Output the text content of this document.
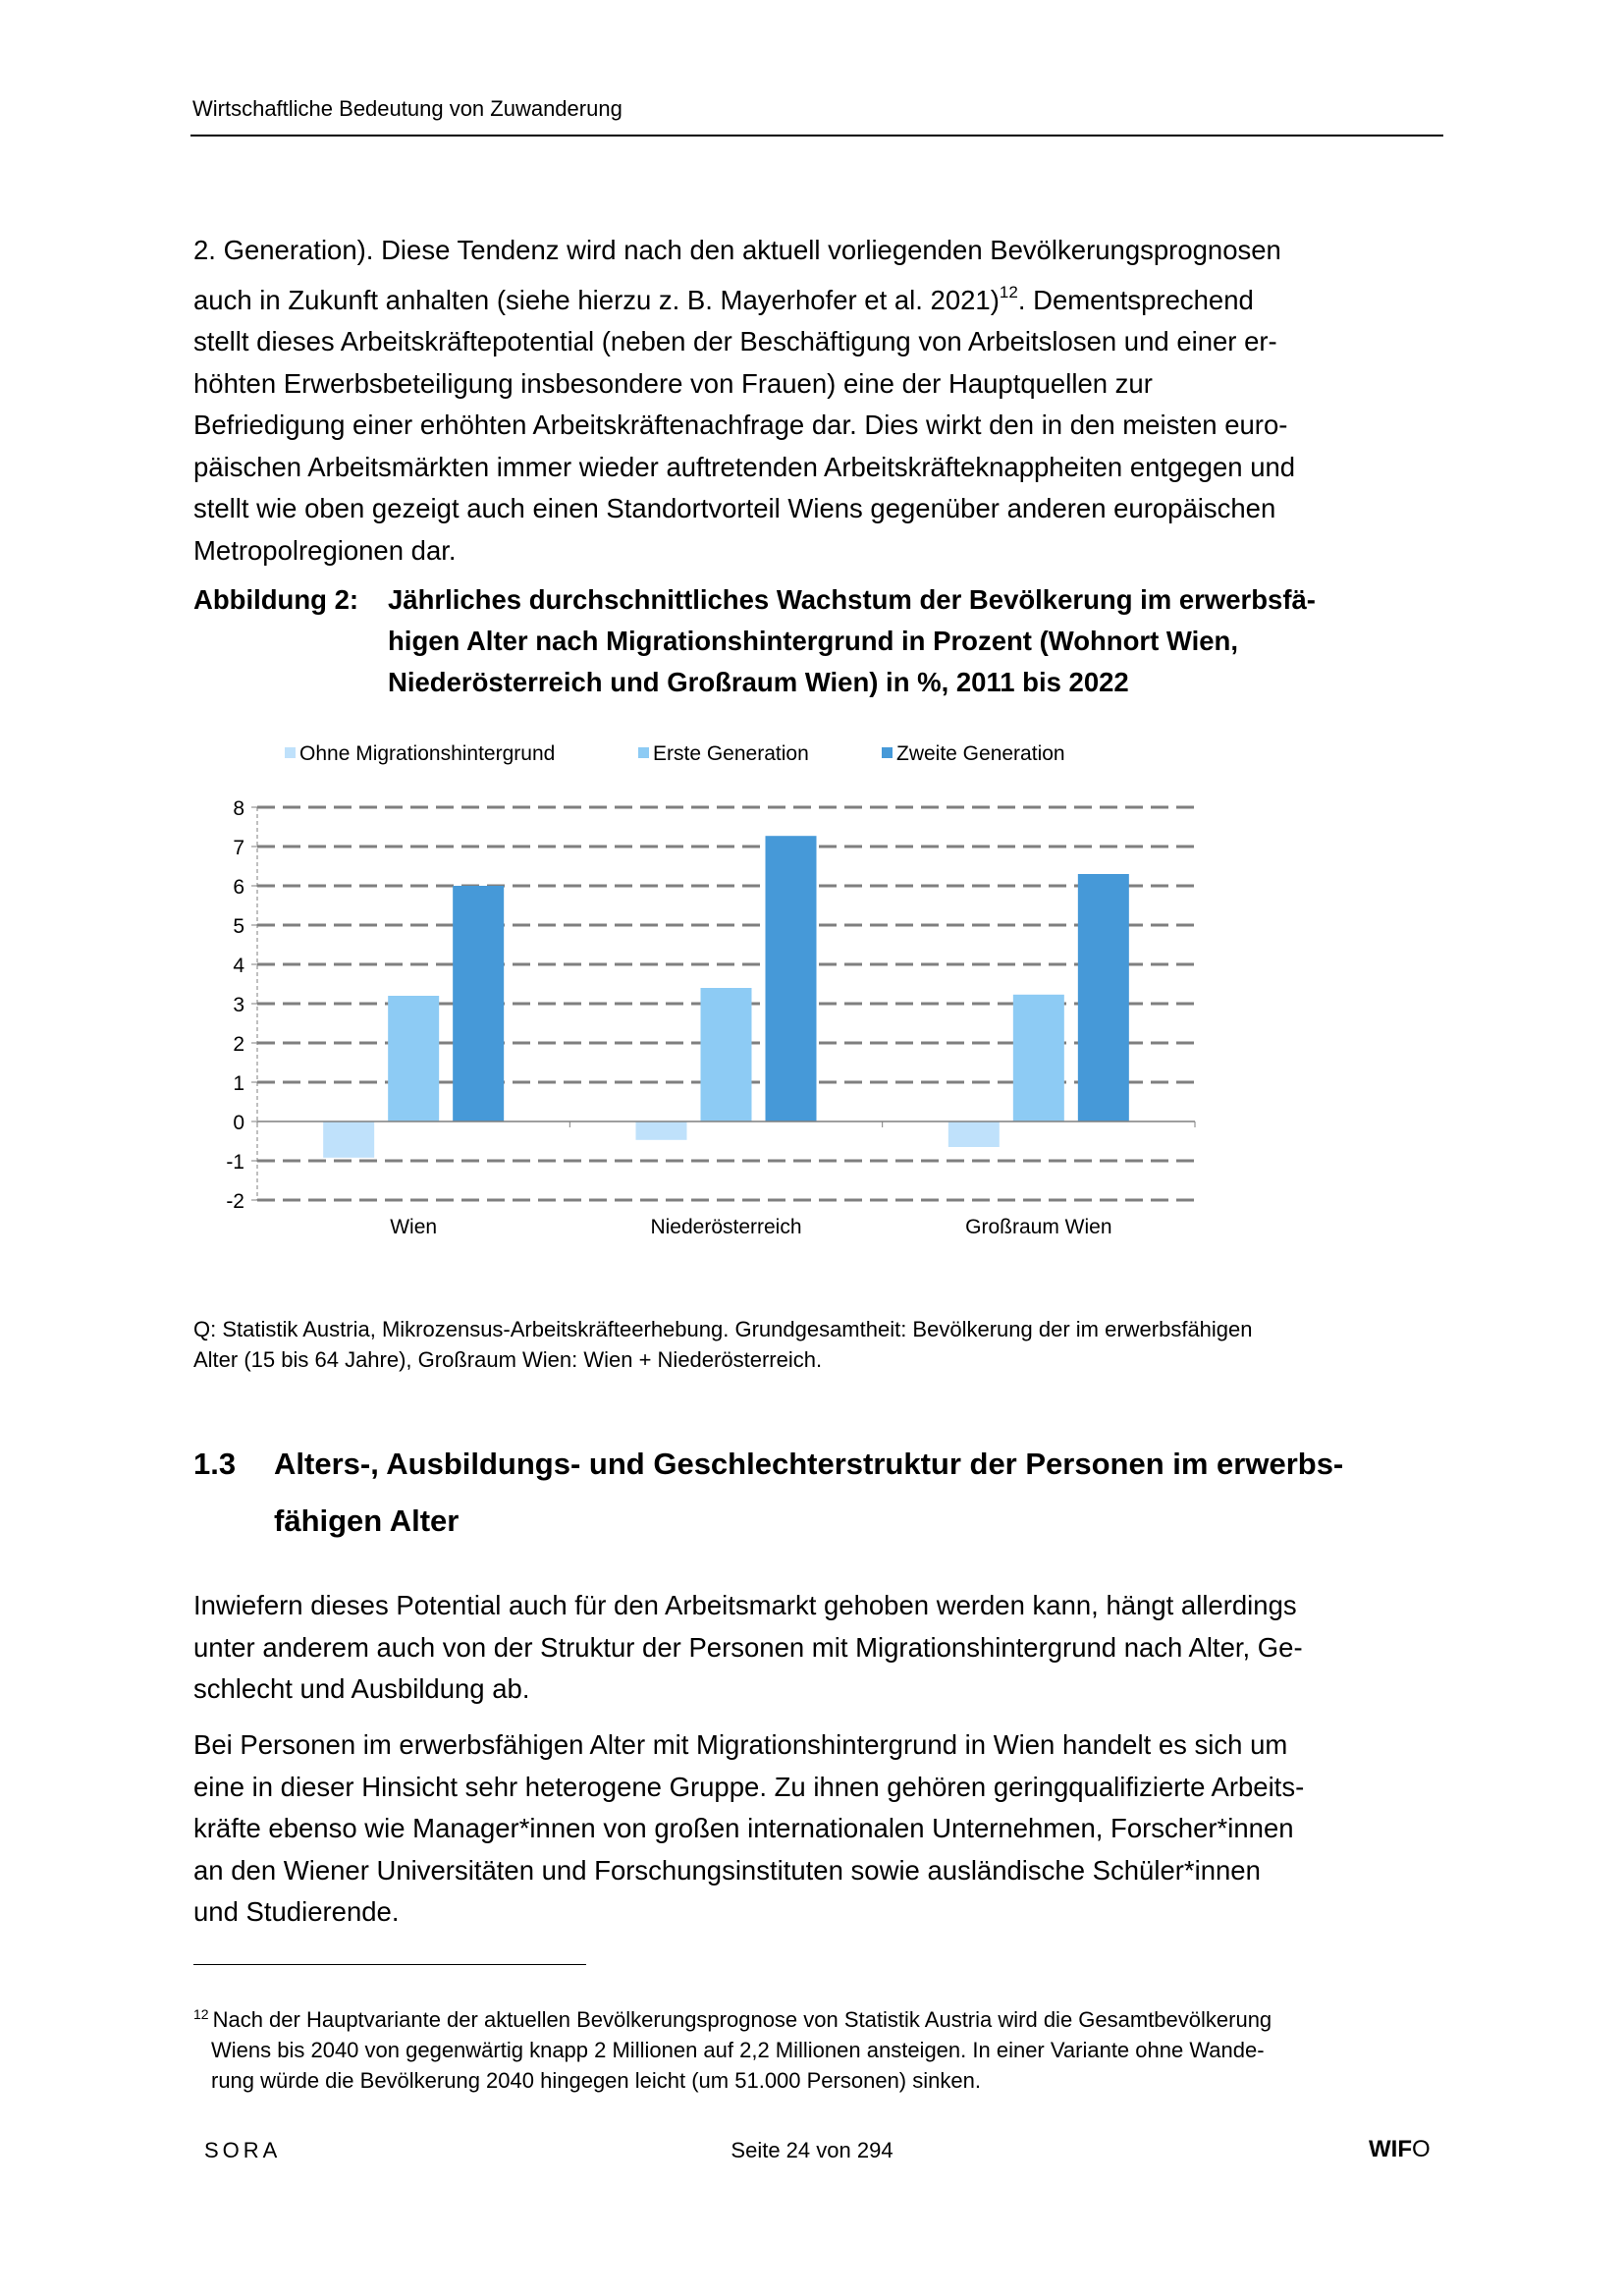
Wirtschaftliche Bedeutung von Zuwanderung
2. Generation). Diese Tendenz wird nach den aktuell vorliegenden Bevölkerungsprognosen
auch in Zukunft anhalten (siehe hierzu z. B. Mayerhofer et al. 2021)$^{12}$. Dementsprechend
stellt dieses Arbeitskräftepotential (neben der Beschäftigung von Arbeitslosen und einer er-
höhten Erwerbsbeteiligung insbesondere von Frauen) eine der Hauptquellen zur
Befriedigung einer erhöhten Arbeitskräftenachfrage dar. Dies wirkt den in den meisten euro-
päischen Arbeitsmärkten immer wieder auftretenden Arbeitskräfteknappheiten entgegen und
stellt wie oben gezeigt auch einen Standortvorteil Wiens gegenüber anderen europäischen
Metropolregionen dar.
Abbildung 2: Jährliches durchschnittliches Wachstum der Bevölkerung im erwerbsfä-
higen Alter nach Migrationshintergrund in Prozent (Wohnort Wien,
Niederösterreich und Großraum Wien) in %, 2011 bis 2022
Ohne Migrationshintergrund	Erste Generation	Zweite Generation
-2
-1
0
1
2
3
4
5
6
7
8
Wien	Niederösterreich	Großraum Wien
Q: Statistik Austria, Mikrozensus-Arbeitskräfteerhebung. Grundgesamtheit: Bevölkerung der im erwerbsfähigen
Alter (15 bis 64 Jahre), Großraum Wien: Wien + Niederösterreich.
1.3 Alters-, Ausbildungs- und Geschlechterstruktur der Personen im erwerbs-
fähigen Alter
Inwiefern dieses Potential auch für den Arbeitsmarkt gehoben werden kann, hängt allerdings
unter anderem auch von der Struktur der Personen mit Migrationshintergrund nach Alter, Ge-
schlecht und Ausbildung ab.
Bei Personen im erwerbsfähigen Alter mit Migrationshintergrund in Wien handelt es sich um
eine in dieser Hinsicht sehr heterogene Gruppe. Zu ihnen gehören geringqualifizierte Arbeits-
kräfte ebenso wie Manager*innen von großen internationalen Unternehmen, Forscher*innen
an den Wiener Universitäten und Forschungsinstituten sowie ausländische Schüler*innen
und Studierende.
$^{12}$ Nach der Hauptvariante der aktuellen Bevölkerungsprognose von Statistik Austria wird die Gesamtbevölkerung
Wiens bis 2040 von gegenwärtig knapp 2 Millionen auf 2,2 Millionen ansteigen. In einer Variante ohne Wande-
rung würde die Bevölkerung 2040 hingegen leicht (um 51.000 Personen) sinken.
SORA	Seite 24 von 294	WIFO
